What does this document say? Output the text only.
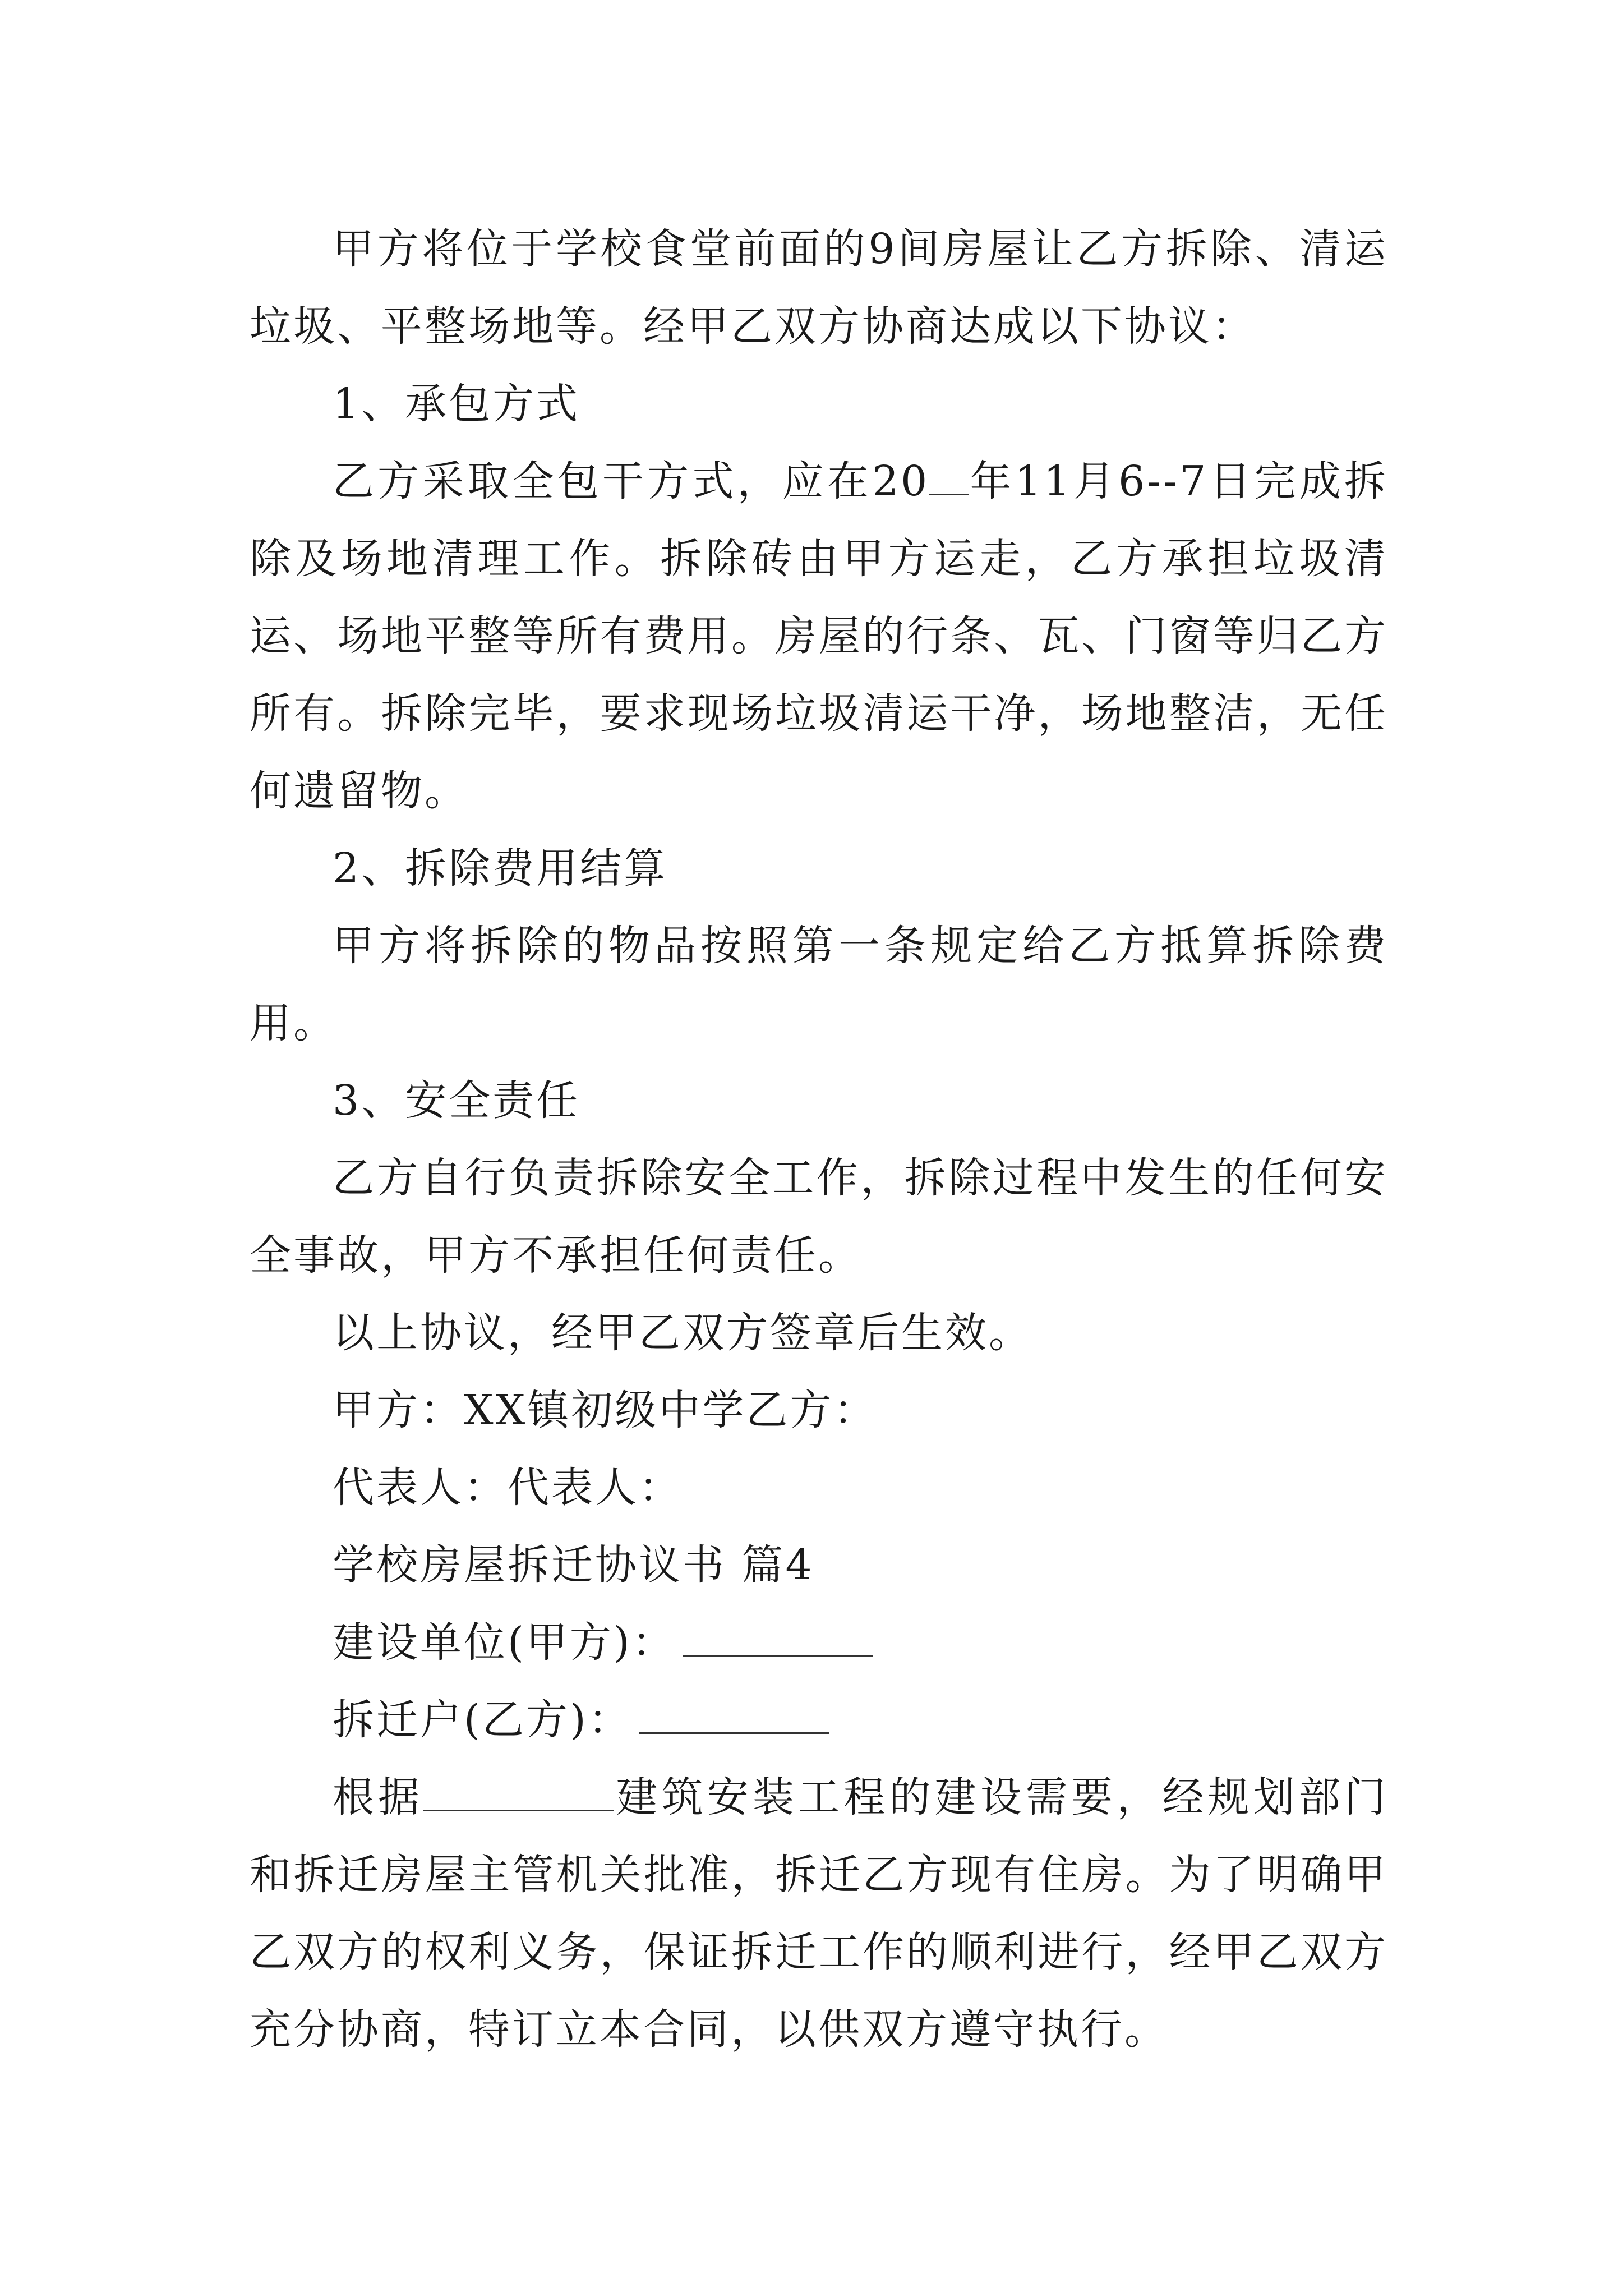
甲方将位于学校食堂前面的9间房屋让乙方拆除、清运垃圾、平整场地等。经甲乙双方协商达成以下协议：

1、承包方式

乙方采取全包干方式，应在20 年11月6--7日完成拆除及场地清理工作。拆除砖由甲方运走，乙方承担垃圾清运、场地平整等所有费用。房屋的行条、瓦、门窗等归乙方所有。拆除完毕，要求现场垃圾清运干净，场地整洁，无任何遗留物。

2、拆除费用结算

甲方将拆除的物品按照第一条规定给乙方抵算拆除费用。

3、安全责任

乙方自行负责拆除安全工作，拆除过程中发生的任何安全事故，甲方不承担任何责任。

以上协议，经甲乙双方签章后生效。

甲方：XX镇初级中学乙方：

代表人：代表人：

学校房屋拆迁协议书 篇4

建设单位(甲方)：

拆迁户(乙方)：

根据	建筑安装工程的建设需要，经规划部门和拆迁房屋主管机关批准，拆迁乙方现有住房。为了明确甲乙双方的权利义务，保证拆迁工作的顺利进行，经甲乙双方充分协商，特订立本合同，以供双方遵守执行。
